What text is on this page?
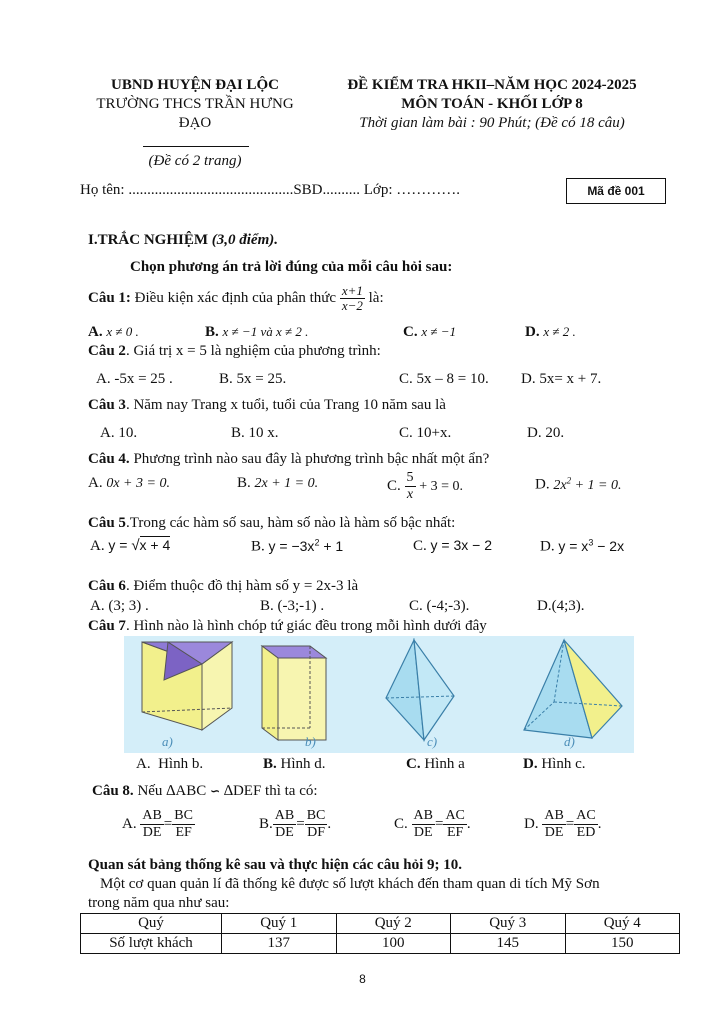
UBND HUYỆN ĐẠI LỘC
TRƯỜNG THCS TRẦN HƯNG
ĐẠO
(Đề có 2 trang)
ĐỀ KIỂM TRA HKII–NĂM HỌC 2024-2025
MÔN TOÁN - KHỐI LỚP 8
Thời gian làm bài : 90 Phút; (Đề có 18 câu)
Họ tên: ............................................SBD.......... Lớp: ………….	Mã đề 001
I.TRẮC NGHIỆM (3,0 điểm).
Chọn phương án trả lời đúng của mỗi câu hỏi sau:
Câu 1:
Điều kiện xác định của phân thức
$\frac{x+1}{x-2}$
là:
A. x ≠ 0 .	B. x ≠ −1 và x ≠ 2 .	C. x ≠ −1	D. x ≠ 2 .
Câu 2. Giá trị x = 5 là nghiệm của phương trình:
A. -5x = 25 .	B. 5x = 25.	C. 5x – 8 = 10. D. 5x= x + 7.
Câu 3. Năm nay Trang x tuổi, tuổi của Trang 10 năm sau là
A. 10.	B. 10 x.	C. 10+x.	D. 20.
Câu 4. Phương trình nào sau đây là phương trình bậc nhất một ẩn?
A. 0x + 3 = 0.	B. 2x + 1 = 0.	C. $\frac{5}{x}$
+ 3 = 0.	D. $2x^2 + 1 = 0$.
Câu 5.Trong các hàm số sau, hàm số nào là hàm số bậc nhất:
A. y = √x + 4	B. $y = -3x^2 + 1$	C. y = 3x − 2	D. $y = x^3 - 2x$
Câu 6. Điểm thuộc đồ thị hàm số y = 2x-3 là
A. (3; 3) .	B. (-3;-1) .	C. (-4;-3).	D.(4;3).
Câu 7. Hình nào là hình chóp tứ giác đều trong mỗi hình dưới đây
a)	b)	c)	d)
A.  Hình b.	B. Hình d.	C. Hình a	D. Hình c.
Câu 8. Nếu ∆ABC ∽ ∆DEF thì ta có:
A. $\frac{AB}{DE} = \frac{BC}{EF}$	B. $\frac{AB}{DE} = \frac{BC}{DF}$ .	C. $\frac{AB}{DE} = \frac{AC}{EF}$ .	D. $\frac{AB}{DE} = \frac{AC}{ED}$ .
Quan sát bảng thống kê sau và thực hiện các câu hỏi 9; 10.
Một cơ quan quản lí đã thống kê được số lượt khách đến tham quan di tích Mỹ Sơn
trong năm qua như sau:
Quý	Quý 1	Quý 2	Quý 3	Quý 4
Số lượt khách	137	100	145	150
8
